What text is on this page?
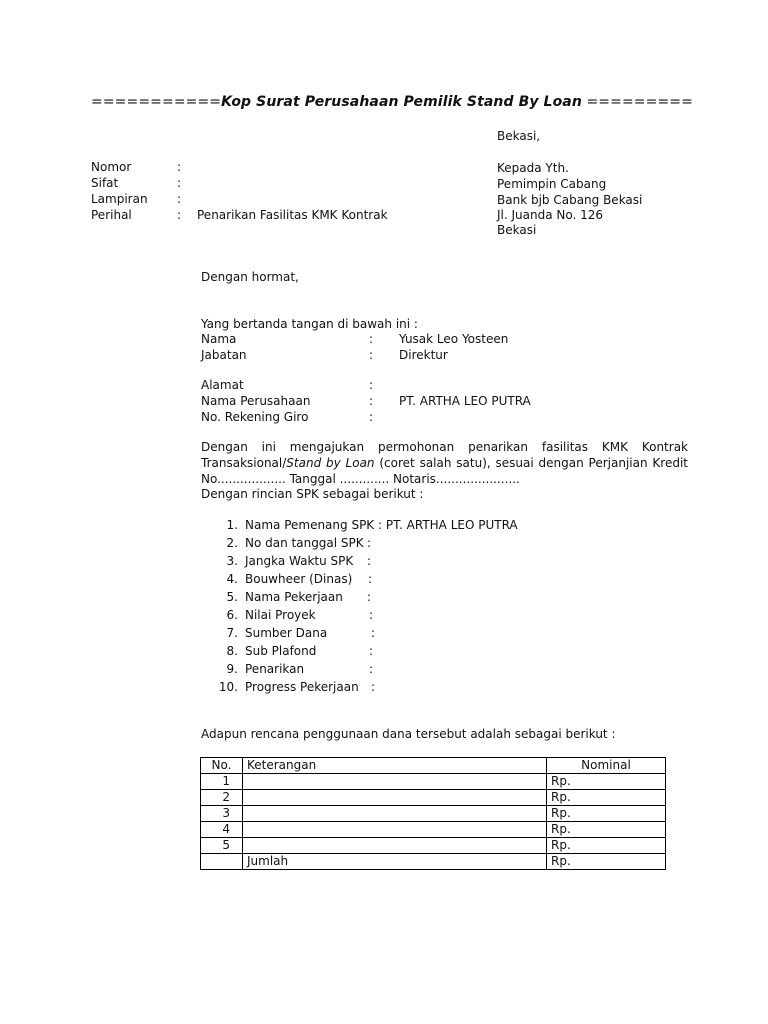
===========Kop Surat Perusahaan Pemilik Stand By Loan =========
Bekasi,
Nomor	:
Sifat	:
Lampiran :
Perihal	: Penarikan Fasilitas KMK Kontrak
Kepada Yth.
Pemimpin Cabang
Bank bjb Cabang Bekasi
Jl. Juanda No. 126
Bekasi
Dengan hormat,
Yang bertanda tangan di bawah ini :
Nama	: Yusak Leo Yosteen
Jabatan	: Direktur
Alamat	:
Nama Perusahaan	: PT. ARTHA LEO PUTRA
No. Rekening Giro	:
Dengan ini mengajukan permohonan penarikan fasilitas KMK Kontrak
Transaksional/Stand by Loan (coret salah satu), sesuai dengan Perjanjian Kredit
No.................. Tanggal ............. Notaris......................
Dengan rincian SPK sebagai berikut :
1. Nama Pemenang SPK : PT. ARTHA LEO PUTRA
2. No dan tanggal SPK :
3. Jangka Waktu SPK :
4. Bouwheer (Dinas) :
5. Nama Pekerjaan :
6. Nilai Proyek	:
7. Sumber Dana	:
8. Sub Plafond	:
9. Penarikan	:
10. Progress Pekerjaan :
Adapun rencana penggunaan dana tersebut adalah sebagai berikut :
No.	Keterangan	Nominal
1		Rp.
2		Rp.
3		Rp.
4		Rp.
5		Rp.
	Jumlah	Rp.
